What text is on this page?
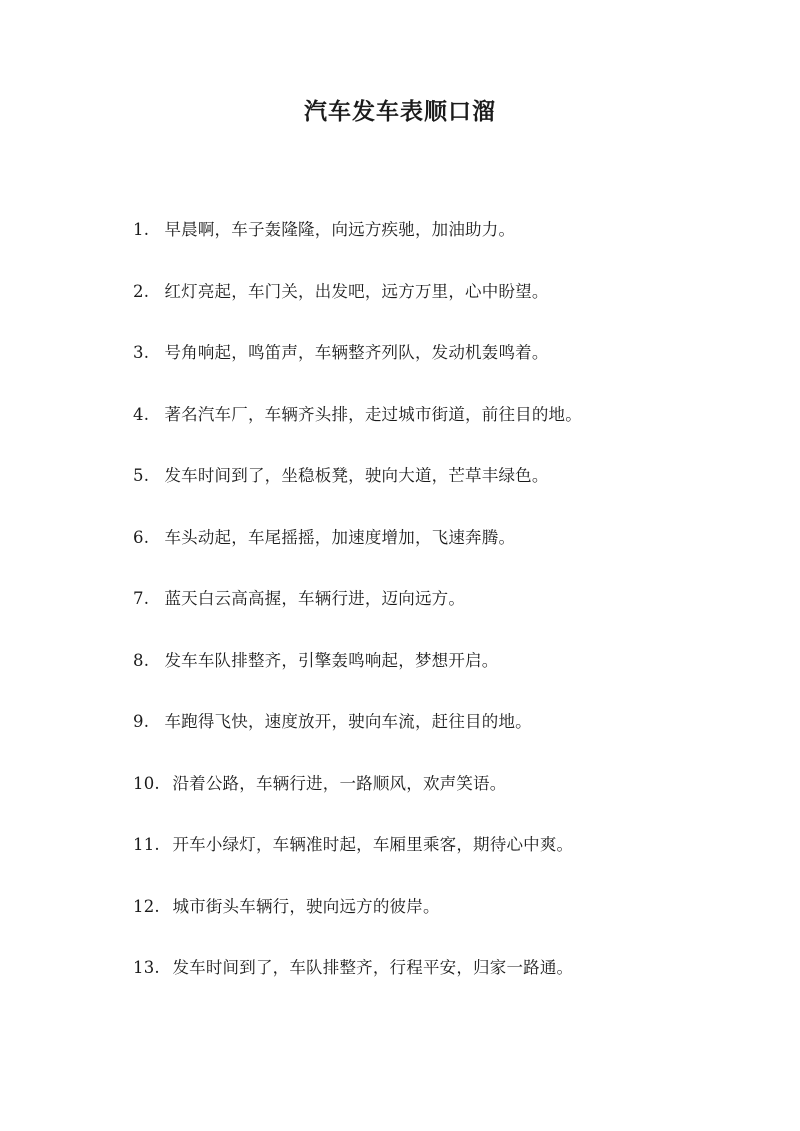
汽车发车表顺口溜
1. 早晨啊，车子轰隆隆，向远方疾驰，加油助力。
2. 红灯亮起，车门关，出发吧，远方万里，心中盼望。
3. 号角响起，鸣笛声，车辆整齐列队，发动机轰鸣着。
4. 著名汽车厂，车辆齐头排，走过城市街道，前往目的地。
5. 发车时间到了，坐稳板凳，驶向大道，芒草丰绿色。
6. 车头动起，车尾摇摇，加速度增加，飞速奔腾。
7. 蓝天白云高高握，车辆行进，迈向远方。
8. 发车车队排整齐，引擎轰鸣响起，梦想开启。
9. 车跑得飞快，速度放开，驶向车流，赶往目的地。
10. 沿着公路，车辆行进，一路顺风，欢声笑语。
11. 开车小绿灯，车辆准时起，车厢里乘客，期待心中爽。
12. 城市街头车辆行，驶向远方的彼岸。
13. 发车时间到了，车队排整齐，行程平安，归家一路通。
